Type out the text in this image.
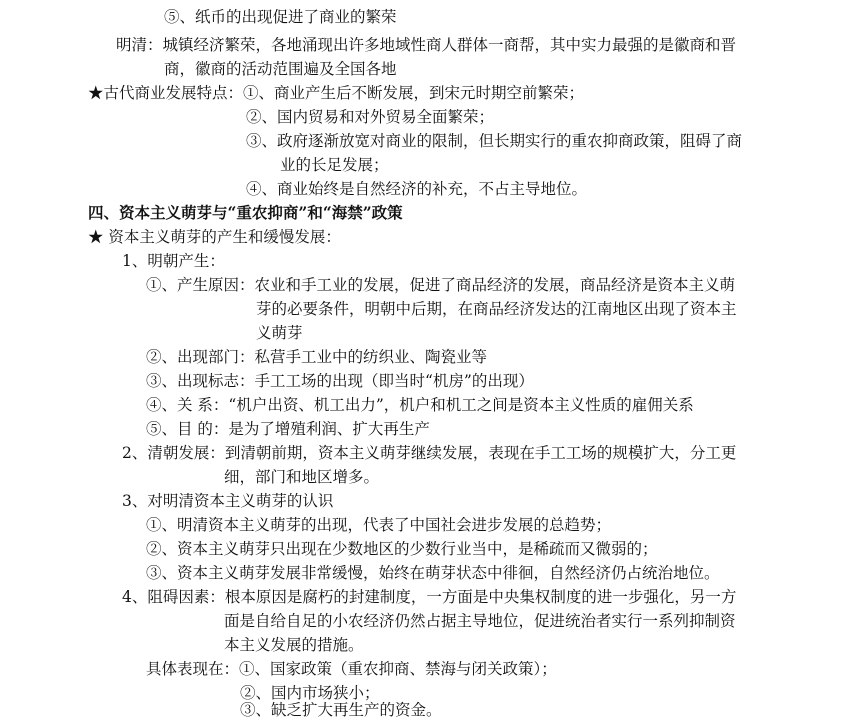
⑤、纸币的出现促进了商业的繁荣
明清：城镇经济繁荣，各地涌现出许多地域性商人群体一商帮，其中实力最强的是徽商和晋
商，徽商的活动范围遍及全国各地
★古代商业发展特点：①、商业产生后不断发展，到宋元时期空前繁荣；
②、国内贸易和对外贸易全面繁荣；
③、政府逐渐放宽对商业的限制，但长期实行的重农抑商政策，阻碍了商
业的长足发展；
④、商业始终是自然经济的补充，不占主导地位。
四、资本主义萌芽与“重农抑商”和“海禁”政策
★ 资本主义萌芽的产生和缓慢发展：
1、明朝产生：
①、产生原因：农业和手工业的发展，促进了商品经济的发展，商品经济是资本主义萌
芽的必要条件，明朝中后期，在商品经济发达的江南地区出现了资本主
义萌芽
②、出现部门：私营手工业中的纺织业、陶瓷业等
③、出现标志：手工工场的出现（即当时“机房”的出现）
④、关 系：“机户出资、机工出力”，机户和机工之间是资本主义性质的雇佣关系
⑤、目 的：是为了增殖利润、扩大再生产
2、清朝发展：到清朝前期，资本主义萌芽继续发展，表现在手工工场的规模扩大，分工更
细，部门和地区增多。
3、对明清资本主义萌芽的认识
①、明清资本主义萌芽的出现，代表了中国社会进步发展的总趋势；
②、资本主义萌芽只出现在少数地区的少数行业当中，是稀疏而又微弱的；
③、资本主义萌芽发展非常缓慢，始终在萌芽状态中徘徊，自然经济仍占统治地位。
4、阻碍因素：根本原因是腐朽的封建制度，一方面是中央集权制度的进一步强化，另一方
面是自给自足的小农经济仍然占据主导地位，促进统治者实行一系列抑制资
本主义发展的措施。
具体表现在：①、国家政策（重农抑商、禁海与闭关政策）；
②、国内市场狭小；
③、缺乏扩大再生产的资金。
